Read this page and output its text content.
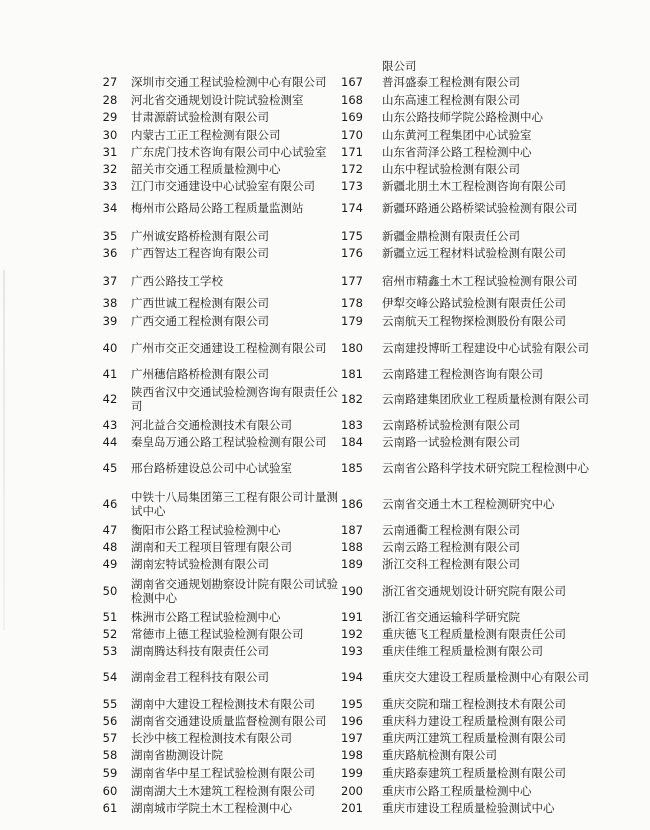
限公司
27	深圳市交通工程试验检测中心有限公司	167	普洱盛泰工程检测有限公司
28	河北省交通规划设计院试验检测室	168	山东高速工程检测有限公司
29	甘肃源蔚试验检测有限公司	169	山东公路技师学院公路检测中心
30	内蒙古工正工程检测有限公司	170	山东黄河工程集团中心试验室
31	广东虎门技术咨询有限公司中心试验室	171	山东省菏泽公路工程检测中心
32	韶关市交通工程质量检测中心	172	山东中程试验检测有限公司
33	江门市交通建设中心试验室有限公司	173	新疆北朋土木工程检测咨询有限公司
34	梅州市公路局公路工程质量监测站	174	新疆环路通公路桥梁试验检测有限公司
35	广州诚安路桥检测有限公司	175	新疆金鼎检测有限责任公司
36	广西智达工程咨询有限公司	176	新疆立远工程材料试验检测有限公司
37	广西公路技工学校	177	宿州市精鑫土木工程试验检测有限公司
38	广西世诚工程检测有限公司	178	伊犁交峰公路试验检测有限责任公司
39	广西交通工程检测有限公司	179	云南航天工程物探检测股份有限公司
40	广州市交正交通建设工程检测有限公司	180	云南建投博昕工程建设中心试验有限公司
41	广州穗信路桥检测有限公司	181	云南路建工程检测咨询有限公司
42	陕西省汉中交通试验检测咨询有限责任公司	182	云南路建集团欣业工程质量检测有限公司
43	河北益合交通检测技术有限公司	183	云南路桥试验检测有限公司
44	秦皇岛万通公路工程试验检测有限公司	184	云南路一试验检测有限公司
45	邢台路桥建设总公司中心试验室	185	云南省公路科学技术研究院工程检测中心
46	中铁十八局集团第三工程有限公司计量测试中心	186	云南省交通土木工程检测研究中心
47	衡阳市公路工程试验检测中心	187	云南通衢工程检测有限公司
48	湖南和天工程项目管理有限公司	188	云南云路工程检测有限公司
49	湖南宏特试验检测有限公司	189	浙江交科工程检测有限公司
50	湖南省交通规划勘察设计院有限公司试验检测中心	190	浙江省交通规划设计研究院有限公司
51	株洲市公路工程试验检测中心	191	浙江省交通运输科学研究院
52	常德市上德工程试验检测有限公司	192	重庆德飞工程质量检测有限责任公司
53	湖南腾达科技有限责任公司	193	重庆佳维工程质量检测有限公司
54	湖南金君工程科技有限公司	194	重庆交大建设工程质量检测中心有限公司
55	湖南中大建设工程检测技术有限公司	195	重庆交院和瑞工程检测技术有限公司
56	湖南省交通建设质量监督检测有限公司	196	重庆科力建设工程质量检测有限公司
57	长沙中核工程检测技术有限公司	197	重庆两江建筑工程质量检测有限公司
58	湖南省勘测设计院	198	重庆路航检测有限公司
59	湖南省华中星工程试验检测有限公司	199	重庆路泰建筑工程质量检测有限公司
60	湖南湖大土木建筑工程检测有限公司	200	重庆市公路工程质量检测中心
61	湖南城市学院土木工程检测中心	201	重庆市建设工程质量检验测试中心
